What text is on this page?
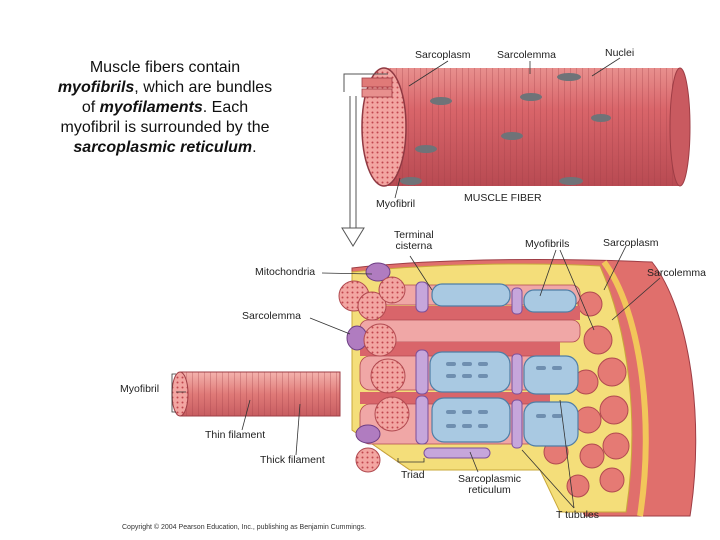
Muscle fibers contain
myofibrils, which are bundles
of myofilaments. Each
myofibril is surrounded by the
sarcoplasmic reticulum.
Sarcoplasm	Sarcolemma	Nuclei
Myofibril	MUSCLE FIBER
Terminal
cisterna	Myofibrils	Sarcoplasm
Sarcolemma
Mitochondria
Sarcolemma
Myofibril
Thin filament
Thick filament
Triad	Sarcoplasmic
reticulum
T tubules
Copyright © 2004 Pearson Education, Inc., publishing as Benjamin Cummings.
